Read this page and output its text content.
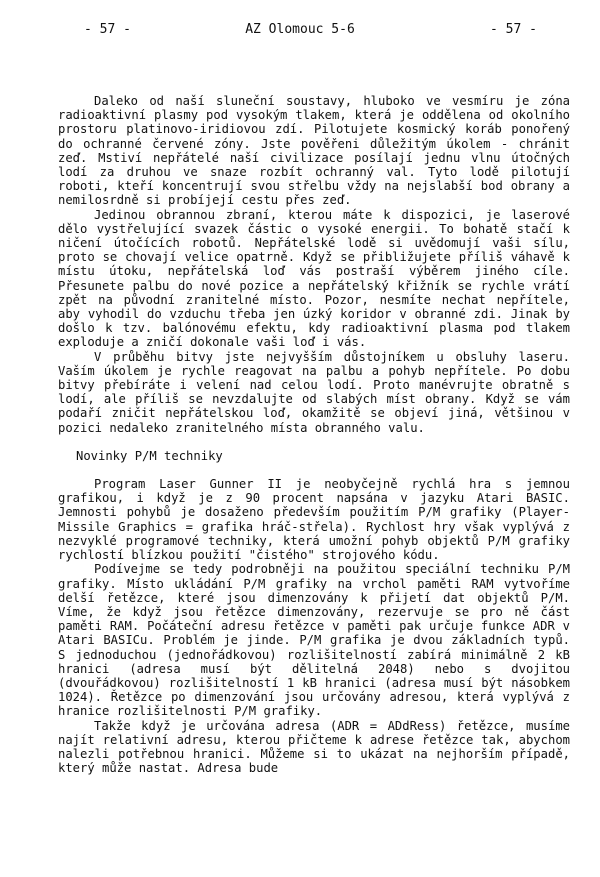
- 57 -	AZ Olomouc 5-6	- 57 -

Daleko od naší sluneční soustavy, hluboko ve vesmíru je zóna radioaktivní plasmy pod vysokým tlakem, která je oddělena od okolního prostoru platinovo-iridiovou zdí. Pilotujete kosmický koráb ponořený do ochranné červené zóny. Jste pověřeni důležitým úkolem - chránit zeď. Mstiví nepřátelé naší civilizace posílají jednu vlnu útočných lodí za druhou ve snaze rozbít ochranný val. Tyto lodě pilotují roboti, kteří koncentrují svou střelbu vždy na nejslabší bod obrany a nemilosrdně si probíjejí cestu přes zeď.

Jedinou obrannou zbraní, kterou máte k dispozici, je laserové dělo vystřelující svazek částic o vysoké energii. To bohatě stačí k ničení útočících robotů. Nepřátelské lodě si uvědomují vaši sílu, proto se chovají velice opatrně. Když se přibližujete příliš váhavě k místu útoku, nepřátelská loď vás postraší výběrem jiného cíle. Přesunete palbu do nové pozice a nepřátelský křižník se rychle vrátí zpět na původní zranitelné místo. Pozor, nesmíte nechat nepřítele, aby vyhodil do vzduchu třeba jen úzký koridor v obranné zdi. Jinak by došlo k tzv. balónovému efektu, kdy radioaktivní plasma pod tlakem exploduje a zničí dokonale vaši loď i vás.

V průběhu bitvy jste nejvyšším důstojníkem u obsluhy laseru. Vaším úkolem je rychle reagovat na palbu a pohyb nepřítele. Po dobu bitvy přebíráte i velení nad celou lodí. Proto manévrujte obratně s lodí, ale příliš se nevzdalujte od slabých míst obrany. Když se vám podaří zničit nepřátelskou loď, okamžitě se objeví jiná, většinou v pozici nedaleko zranitelného místa obranného valu.

Novinky P/M techniky

Program Laser Gunner II je neobyčejně rychlá hra s jemnou grafikou, i když je z 90 procent napsána v jazyku Atari BASIC. Jemnosti pohybů je dosaženo především použitím P/M grafiky (Player-Missile Graphics = grafika hráč-střela). Rychlost hry však vyplývá z nezvyklé programové techniky, která umožní pohyb objektů P/M grafiky rychlostí blízkou použití "čistého" strojového kódu.

Podívejme se tedy podrobněji na použitou speciální techniku P/M grafiky. Místo ukládání P/M grafiky na vrchol paměti RAM vytvoříme delší řetězce, které jsou dimenzovány k přijetí dat objektů P/M. Víme, že když jsou řetězce dimenzovány, rezervuje se pro ně část paměti RAM. Počáteční adresu řetězce v paměti pak určuje funkce ADR v Atari BASICu. Problém je jinde. P/M grafika je dvou základních typů. S jednoduchou (jednořádkovou) rozlišitelností zabírá minimálně 2 kB hranici (adresa musí být dělitelná 2048) nebo s dvojitou (dvouřádkovou) rozlišitelností 1 kB hranici (adresa musí být násobkem 1024). Řetězce po dimenzování jsou určovány adresou, která vyplývá z hranice rozlišitelnosti P/M grafiky.

Takže když je určována adresa (ADR = ADdRess) řetězce, musíme najít relativní adresu, kterou přičteme k adrese řetězce tak, abychom nalezli potřebnou hranici. Můžeme si to ukázat na nejhorším případě, který může nastat. Adresa bude
